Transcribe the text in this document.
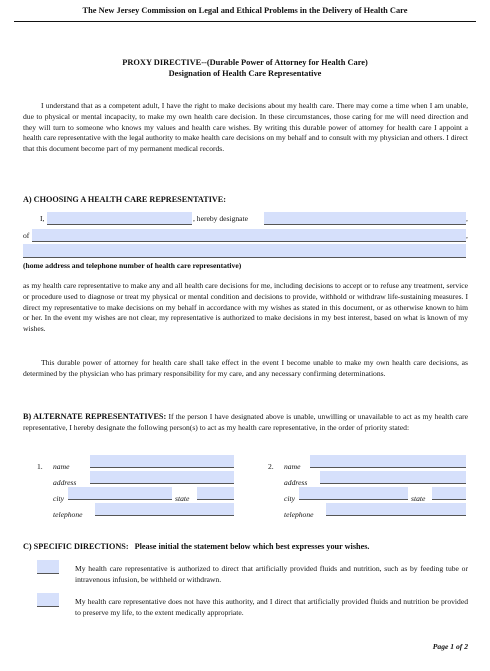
The New Jersey Commission on Legal and Ethical Problems in the Delivery of Health Care
PROXY DIRECTIVE--(Durable Power of Attorney for Health Care)
Designation of Health Care Representative
I understand that as a competent adult, I have the right to make decisions about my health care. There may come a time when I am unable, due to physical or mental incapacity, to make my own health care decision. In these circumstances, those caring for me will need direction and they will turn to someone who knows my values and health care wishes. By writing this durable power of attorney for health care I appoint a health care representative with the legal authority to make health care decisions on my behalf and to consult with my physician and others. I direct that this document become part of my permanent medical records.
A) CHOOSING A HEALTH CARE REPRESENTATIVE:
I,	, hereby designate	,
of	,
(home address and telephone number of health care representative)
as my health care representative to make any and all health care decisions for me, including decisions to accept or to refuse any treatment, service or procedure used to diagnose or treat my physical or mental condition and decisions to provide, withhold or withdraw life-sustaining measures. I direct my representative to make decisions on my behalf in accordance with my wishes as stated in this document, or as otherwise known to him or her. In the event my wishes are not clear, my representative is authorized to make decisions in my best interest, based on what is known of my wishes.
This durable power of attorney for health care shall take effect in the event I become unable to make my own health care decisions, as determined by the physician who has primary responsibility for my care, and any necessary confirming determinations.
B) ALTERNATE REPRESENTATIVES: If the person I have designated above is unable, unwilling or unavailable to act as my health care representative, I hereby designate the following person(s) to act as my health care representative, in the order of priority stated:
1. name
address
city	state
telephone
2. name
address
city	state
telephone
C) SPECIFIC DIRECTIONS: Please initial the statement below which best expresses your wishes.
My health care representative is authorized to direct that artificially provided fluids and nutrition, such as by feeding tube or intravenous infusion, be withheld or withdrawn.
My health care representative does not have this authority, and I direct that artificially provided fluids and nutrition be provided to preserve my life, to the extent medically appropriate.
Page 1 of 2
